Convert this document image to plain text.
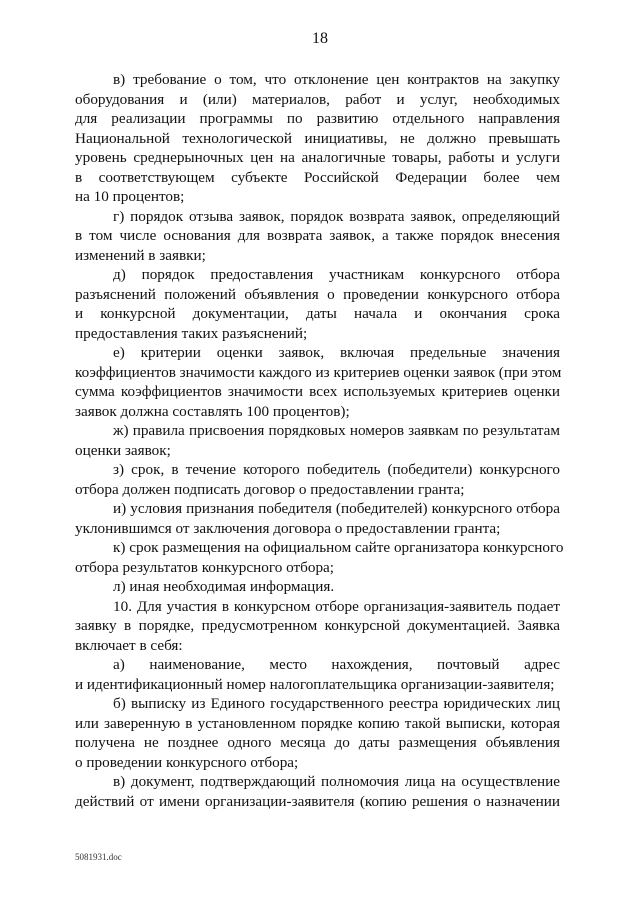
18
в) требование о том, что отклонение цен контрактов на закупку
оборудования и (или) материалов, работ и услуг, необходимых
для реализации программы по развитию отдельного направления
Национальной технологической инициативы, не должно превышать
уровень среднерыночных цен на аналогичные товары, работы и услуги
в соответствующем субъекте Российской Федерации более чем
на 10 процентов;
г) порядок отзыва заявок, порядок возврата заявок, определяющий
в том числе основания для возврата заявок, а также порядок внесения
изменений в заявки;
д) порядок предоставления участникам конкурсного отбора
разъяснений положений объявления о проведении конкурсного отбора
и конкурсной документации, даты начала и окончания срока
предоставления таких разъяснений;
е) критерии оценки заявок, включая предельные значения
коэффициентов значимости каждого из критериев оценки заявок (при этом
сумма коэффициентов значимости всех используемых критериев оценки
заявок должна составлять 100 процентов);
ж) правила присвоения порядковых номеров заявкам по результатам
оценки заявок;
з) срок, в течение которого победитель (победители) конкурсного
отбора должен подписать договор о предоставлении гранта;
и) условия признания победителя (победителей) конкурсного отбора
уклонившимся от заключения договора о предоставлении гранта;
к) срок размещения на официальном сайте организатора конкурсного
отбора результатов конкурсного отбора;
л) иная необходимая информация.
10. Для участия в конкурсном отборе организация-заявитель подает
заявку в порядке, предусмотренном конкурсной документацией. Заявка
включает в себя:
а) наименование, место нахождения, почтовый адрес
и идентификационный номер налогоплательщика организации-заявителя;
б) выписку из Единого государственного реестра юридических лиц
или заверенную в установленном порядке копию такой выписки, которая
получена не позднее одного месяца до даты размещения объявления
о проведении конкурсного отбора;
в) документ, подтверждающий полномочия лица на осуществление
действий от имени организации-заявителя (копию решения о назначении
5081931.doc
